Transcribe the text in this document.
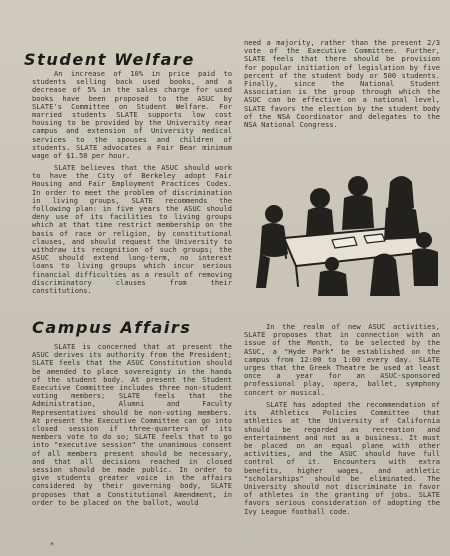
Student Welfare

An increase of 10% in price paid to students selling back used books, and a decrease of 5% in the sales charge for used books have been proposed to the ASUC by SLATE's Committee on Student Welfare. For married students SLATE supports low cost housing to be provided by the University near campus and extension of University medical services to the spouses and children of students. SLATE advocates a Fair Bear minimum wage of $1.50 per hour.

SLATE believes that the ASUC should work to have the City of Berkeley adopt Fair Housing and Fair Employment Practices Codes. In order to meet the problem of discrimination in living groups, SLATE recommends the following plan: in five years the ASUC should deny use of its facilities to living groups which at that time restrict membership on the basis of race or religion, by constitutional clauses, and should request the University to withdraw its recognition of such groups; the ASUC should extend long-term, no interest loans to living groups which incur serious financial difficulties as a result of removing discriminatory clauses from their constitutions.

Campus Affairs

SLATE is concerned that at present the ASUC derives its authority from the President; SLATE feels that the ASUC Constitution should be amended to place sovereignty in the hands of the student body. At present the Student Executive Committee includes three non-student voting members; SLATE feels that the Administration, Alumni and Faculty Representatives should be non-voting members. At present the Executive Committee can go into closed session if three-quarters of its members vote to do so; SLATE feels that to go into "executive session" the unanimous consent of all members present should be necessary, and that all decisions reached in closed session should be made public. In order to give students greater voice in the affairs considered by their governing body, SLATE proposes that a Constitutional Amendment, in order to be placed on the ballot, would

need a majority, rather than the present 2/3 vote of the Executive Committee. Further, SLATE feels that there should be provision for popular initiation of legislation by five percent of the student body or 500 students. Finally, since the National Student Association is the group through which the ASUC can be effective on a national level, SLATE favors the election by the student body of the NSA Coordinator and delegates to the NSA National Congress.

In the realm of new ASUC activities, SLATE proposes that in connection with an issue of the Month, to be selected by the ASUC, a "Hyde Park" be established on the campus from 12:00 to 1:00 every day. SLATE urges that the Greek Theatre be used at least once a year for an ASUC-sponsored professional play, opera, ballet, symphony concert or musical.

SLATE has adopted the recommendation of its Athletics Policies Committee that athletics at the University of California should be regarded as recreation and entertainment and not as a business. It must be placed on an equal plane with other activities, and the ASUC should have full control of it. Encounters with extra benefits, higher wages, and athletic "scholarships" should be eliminated. The University should not discriminate in favor of athletes in the granting of jobs. SLATE favors serious consideration of adopting the Ivy League football code.

*
